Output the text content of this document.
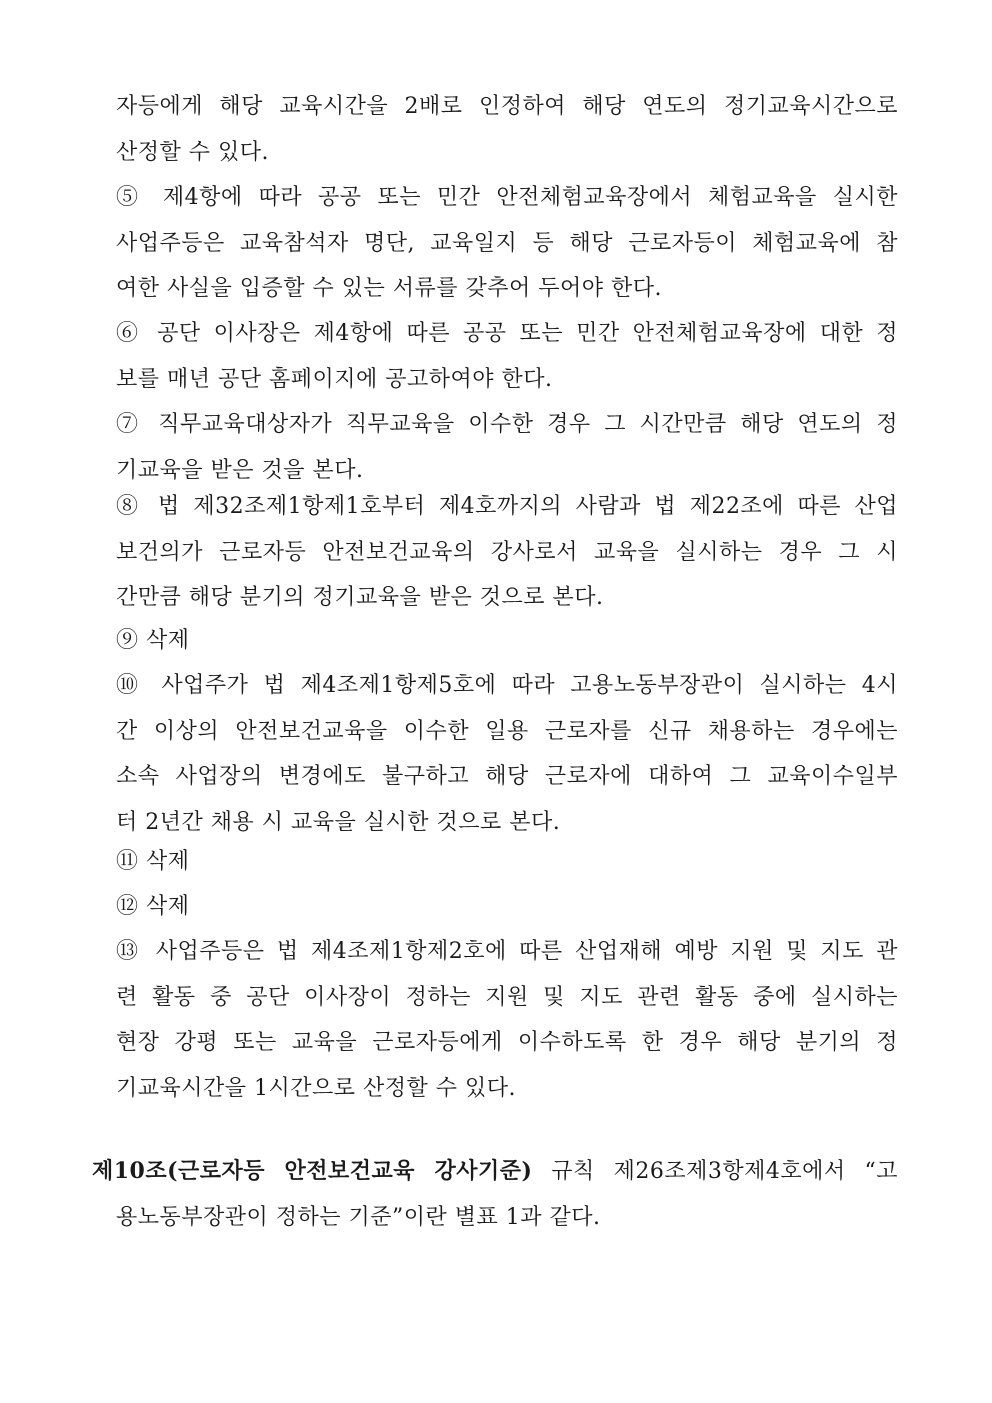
자등에게 해당 교육시간을 2배로 인정하여 해당 연도의 정기교육시간으로
산정할 수 있다.
⑤ 제4항에 따라 공공 또는 민간 안전체험교육장에서 체험교육을 실시한
사업주등은 교육참석자 명단, 교육일지 등 해당 근로자등이 체험교육에 참
여한 사실을 입증할 수 있는 서류를 갖추어 두어야 한다.
⑥ 공단 이사장은 제4항에 따른 공공 또는 민간 안전체험교육장에 대한 정
보를 매년 공단 홈페이지에 공고하여야 한다.
⑦ 직무교육대상자가 직무교육을 이수한 경우 그 시간만큼 해당 연도의 정
기교육을 받은 것을 본다.
⑧ 법 제32조제1항제1호부터 제4호까지의 사람과 법 제22조에 따른 산업
보건의가 근로자등 안전보건교육의 강사로서 교육을 실시하는 경우 그 시
간만큼 해당 분기의 정기교육을 받은 것으로 본다.
⑨ 삭제
⑩ 사업주가 법 제4조제1항제5호에 따라 고용노동부장관이 실시하는 4시
간 이상의 안전보건교육을 이수한 일용 근로자를 신규 채용하는 경우에는
소속 사업장의 변경에도 불구하고 해당 근로자에 대하여 그 교육이수일부
터 2년간 채용 시 교육을 실시한 것으로 본다.
⑪ 삭제
⑫ 삭제
⑬ 사업주등은 법 제4조제1항제2호에 따른 산업재해 예방 지원 및 지도 관
련 활동 중 공단 이사장이 정하는 지원 및 지도 관련 활동 중에 실시하는
현장 강평 또는 교육을 근로자등에게 이수하도록 한 경우 해당 분기의 정
기교육시간을 1시간으로 산정할 수 있다.
제10조(근로자등 안전보건교육 강사기준) 규칙 제26조제3항제4호에서 “고
용노동부장관이 정하는 기준”이란 별표 1과 같다.
